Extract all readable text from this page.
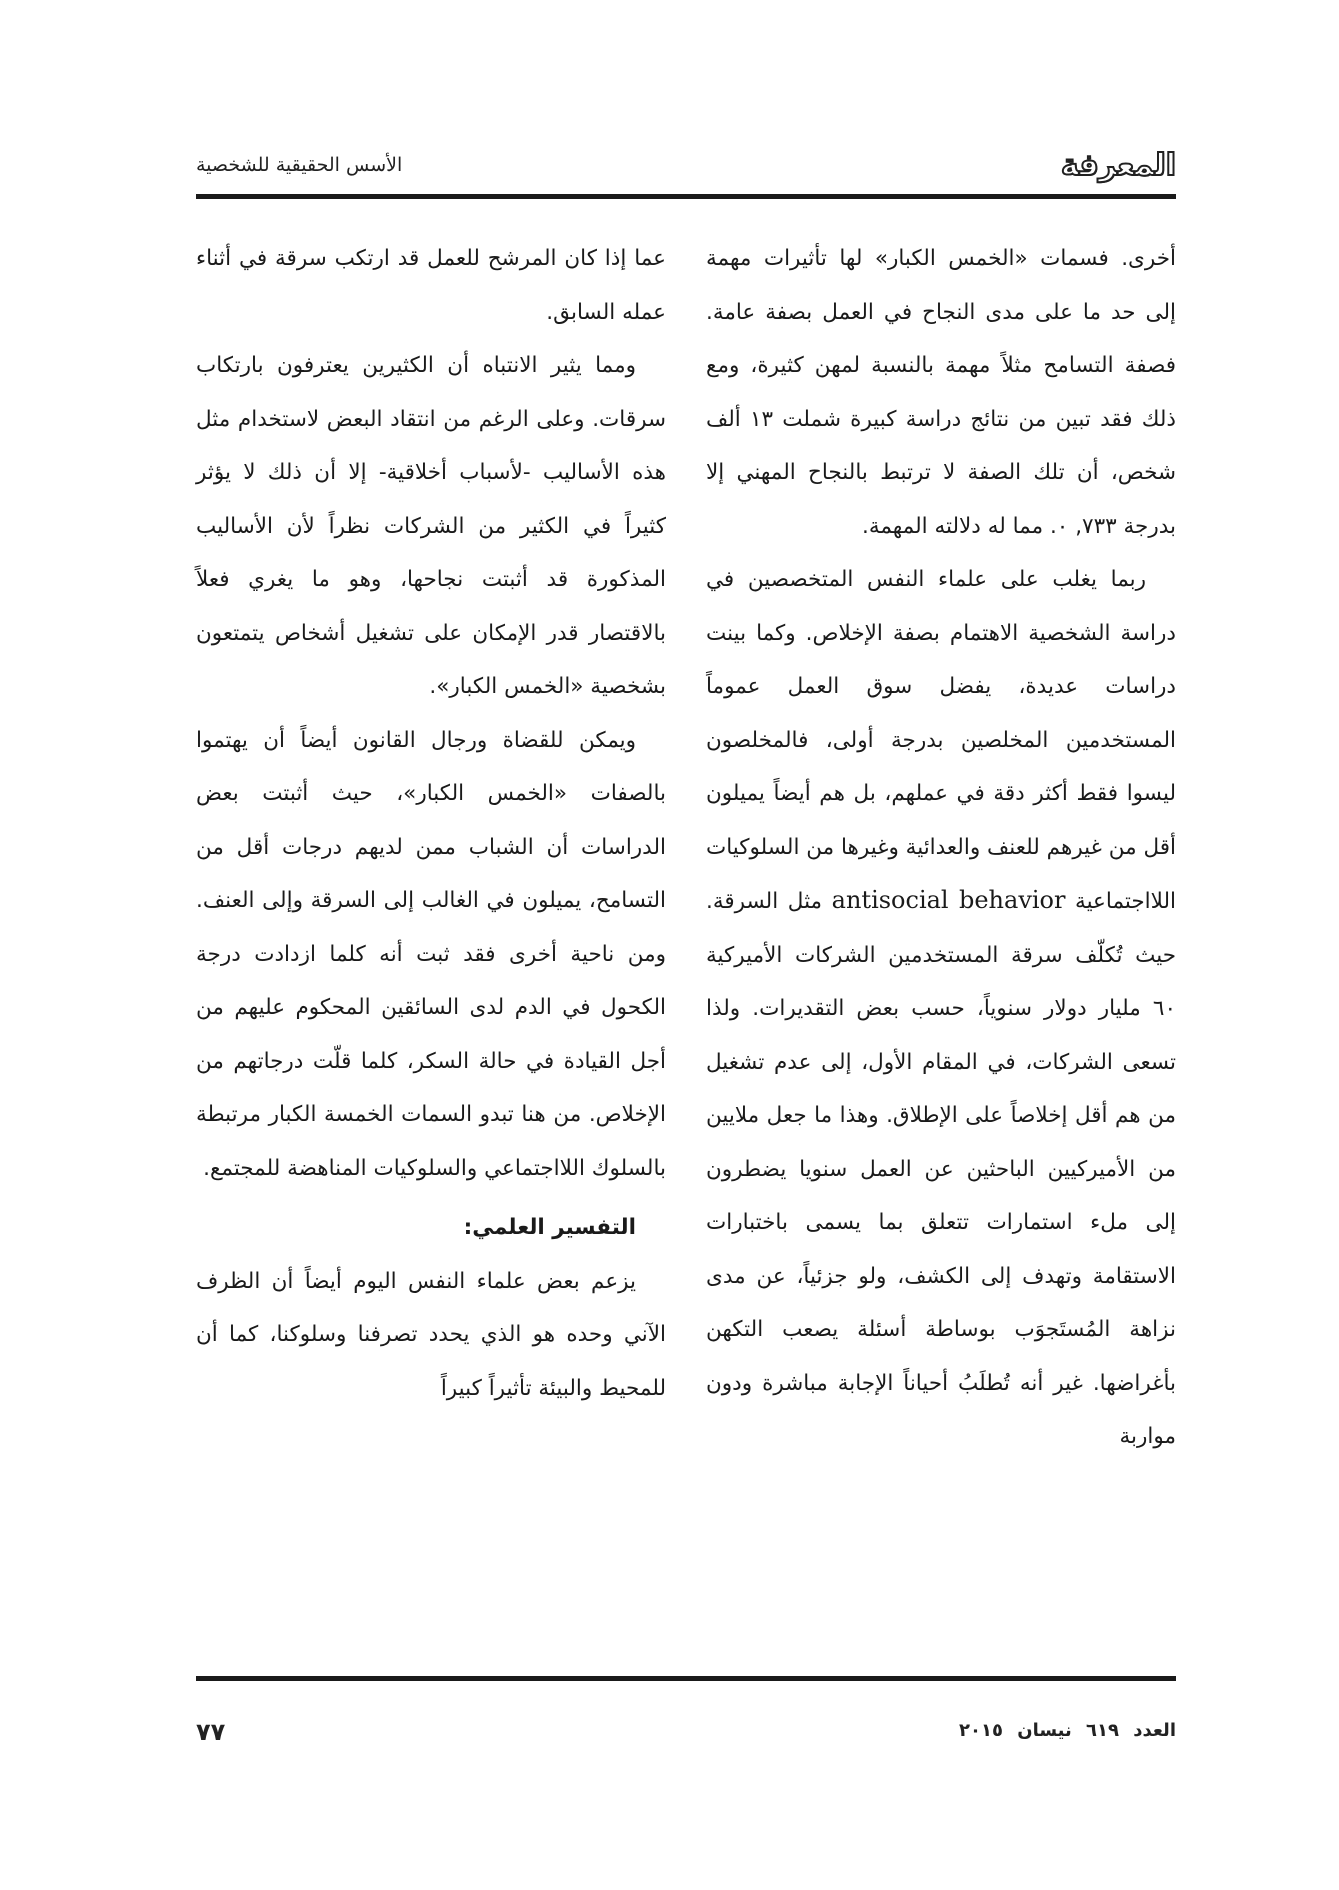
المعرفة
الأسس الحقيقية للشخصية

أخرى. فسمات «الخمس الكبار» لها تأثيرات مهمة إلى حد ما على مدى النجاح في العمل بصفة عامة. فصفة التسامح مثلاً مهمة بالنسبة لمهن كثيرة، ومع ذلك فقد تبين من نتائج دراسة كبيرة شملت ١٣ ألف شخص، أن تلك الصفة لا ترتبط بالنجاح المهني إلا بدرجة ٧٣٣, ٠. مما له دلالته المهمة.

ربما يغلب على علماء النفس المتخصصين في دراسة الشخصية الاهتمام بصفة الإخلاص. وكما بينت دراسات عديدة، يفضل سوق العمل عموماً المستخدمين المخلصين بدرجة أولى، فالمخلصون ليسوا فقط أكثر دقة في عملهم، بل هم أيضاً يميلون أقل من غيرهم للعنف والعدائية وغيرها من السلوكيات اللااجتماعية antisocial behavior مثل السرقة. حيث تُكلّف سرقة المستخدمين الشركات الأميركية ٦٠ مليار دولار سنوياً، حسب بعض التقديرات. ولذا تسعى الشركات، في المقام الأول، إلى عدم تشغيل من هم أقل إخلاصاً على الإطلاق. وهذا ما جعل ملايين من الأميركيين الباحثين عن العمل سنويا يضطرون إلى ملء استمارات تتعلق بما يسمى باختبارات الاستقامة وتهدف إلى الكشف، ولو جزئياً، عن مدى نزاهة المُستَجوَب بوساطة أسئلة يصعب التكهن بأغراضها. غير أنه تُطلَبُ أحياناً الإجابة مباشرة ودون مواربة

عما إذا كان المرشح للعمل قد ارتكب سرقة في أثناء عمله السابق.

ومما يثير الانتباه أن الكثيرين يعترفون بارتكاب سرقات. وعلى الرغم من انتقاد البعض لاستخدام مثل هذه الأساليب -لأسباب أخلاقية- إلا أن ذلك لا يؤثر كثيراً في الكثير من الشركات نظراً لأن الأساليب المذكورة قد أثبتت نجاحها، وهو ما يغري فعلاً بالاقتصار قدر الإمكان على تشغيل أشخاص يتمتعون بشخصية «الخمس الكبار».

ويمكن للقضاة ورجال القانون أيضاً أن يهتموا بالصفات «الخمس الكبار»، حيث أثبتت بعض الدراسات أن الشباب ممن لديهم درجات أقل من التسامح، يميلون في الغالب إلى السرقة وإلى العنف. ومن ناحية أخرى فقد ثبت أنه كلما ازدادت درجة الكحول في الدم لدى السائقين المحكوم عليهم من أجل القيادة في حالة السكر، كلما قلّت درجاتهم من الإخلاص. من هنا تبدو السمات الخمسة الكبار مرتبطة بالسلوك اللااجتماعي والسلوكيات المناهضة للمجتمع.

التفسير العلمي:

يزعم بعض علماء النفس اليوم أيضاً أن الظرف الآني وحده هو الذي يحدد تصرفنا وسلوكنا، كما أن للمحيط والبيئة تأثيراً كبيراً

العدد ٦١٩ نيسان ٢٠١٥
٧٧
